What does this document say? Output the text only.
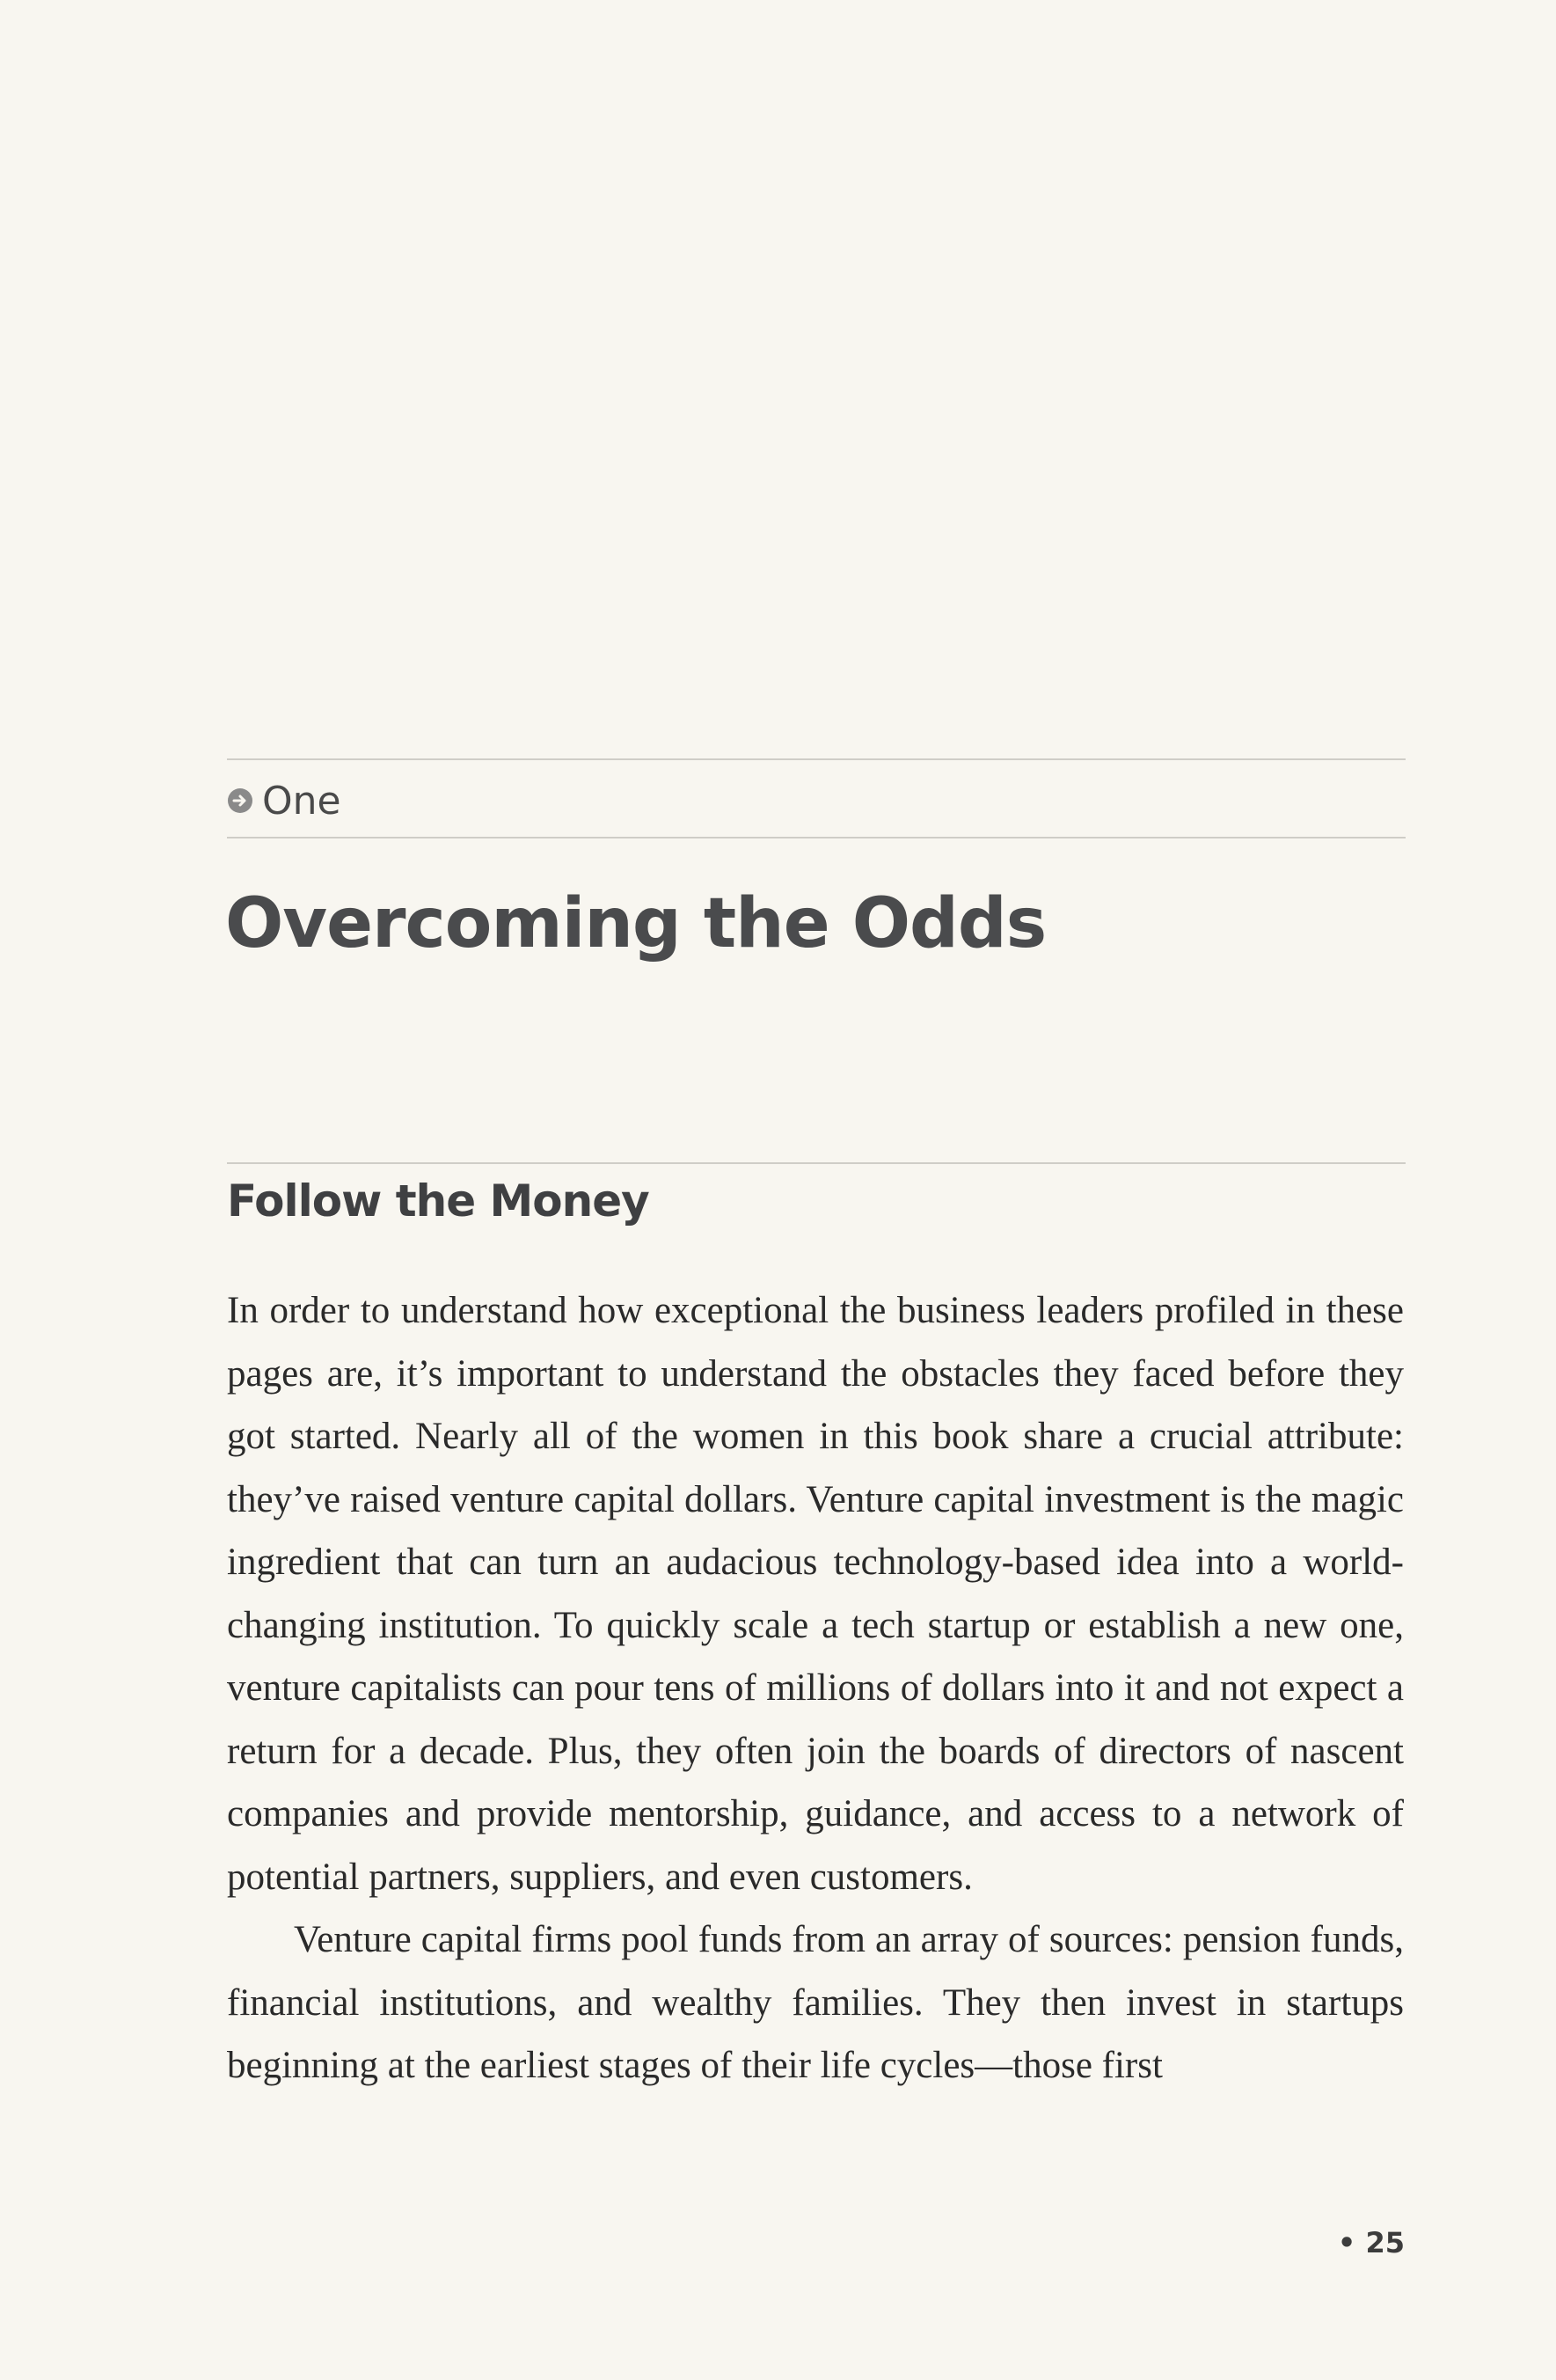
One
Overcoming the Odds
Follow the Money

In order to understand how exceptional the business leaders profiled in these pages are, it’s important to understand the obstacles they faced before they got started. Nearly all of the women in this book share a crucial attribute: they’ve raised venture capital dollars. Venture capital investment is the magic ingredient that can turn an audacious technology-based idea into a world-changing institution. To quickly scale a tech startup or establish a new one, venture capitalists can pour tens of millions of dollars into it and not expect a return for a decade. Plus, they often join the boards of directors of nascent companies and provide mentorship, guidance, and access to a network of potential partners, suppliers, and even customers.

Venture capital firms pool funds from an array of sources: pension funds, financial institutions, and wealthy families. They then invest in startups beginning at the earliest stages of their life cycles—those first

• 25
